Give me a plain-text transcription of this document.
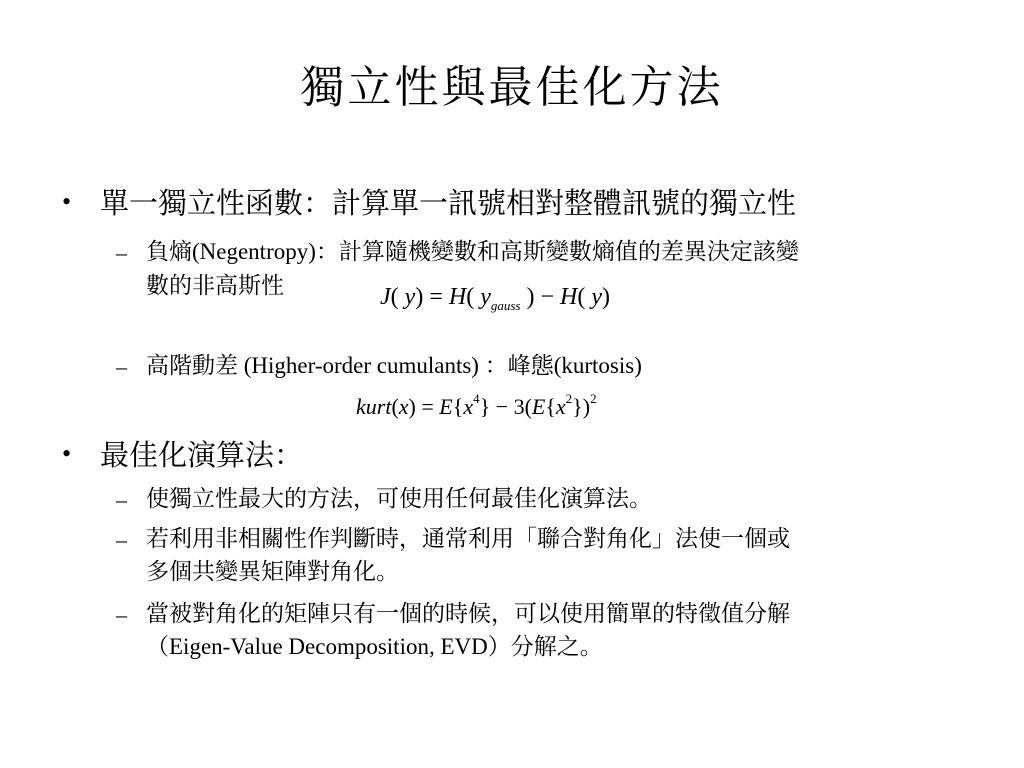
獨立性與最佳化方法
• 單一獨立性函數：計算單一訊號相對整體訊號的獨立性
– 負熵(Negentropy)：計算隨機變數和高斯變數熵值的差異決定該變
數的非高斯性	J( y) = H( $y_{gauss}$ ) − H( y)
– 高階動差 (Higher-order cumulants) ：峰態(kurtosis)
kurt(x) = $E\{x^4\} - 3(E\{x^2\})^2$
• 最佳化演算法：
– 使獨立性最大的方法，可使用任何最佳化演算法。
– 若利用非相關性作判斷時，通常利用「聯合對角化」法使一個或
多個共變異矩陣對角化。
– 當被對角化的矩陣只有一個的時候，可以使用簡單的特徵值分解
（Eigen-Value Decomposition, EVD）分解之。
